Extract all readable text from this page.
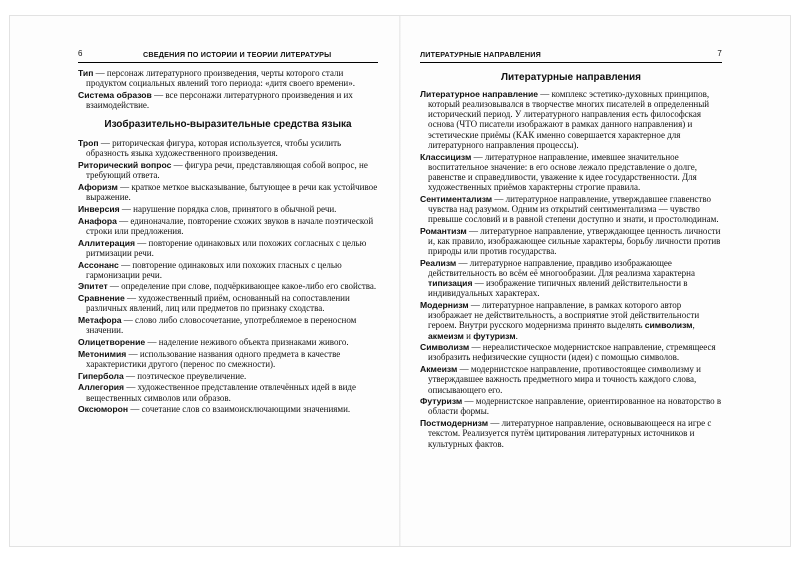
6	СВЕДЕНИЯ ПО ИСТОРИИ И ТЕОРИИ ЛИТЕРАТУРЫ
Тип — персонаж литературного произведения, черты которого стали продуктом социальных явлений того периода: «дитя своего времени».
Система образов — все персонажи литературного произведения и их взаимодействие.
Изобразительно-выразительные средства языка
Троп — риторическая фигура, которая используется, чтобы усилить образность языка художественного произведения.
Риторический вопрос — фигура речи, представляющая собой вопрос, не требующий ответа.
Афоризм — краткое меткое высказывание, бытующее в речи как устойчивое выражение.
Инверсия — нарушение порядка слов, принятого в обычной речи.
Анафора — единоначалие, повторение схожих звуков в начале поэтической строки или предложения.
Аллитерация — повторение одинаковых или похожих согласных с целью ритмизации речи.
Ассонанс — повторение одинаковых или похожих гласных с целью гармонизации речи.
Эпитет — определение при слове, подчёркивающее какое-либо его свойства.
Сравнение — художественный приём, основанный на сопоставлении различных явлений, лиц или предметов по признаку сходства.
Метафора — слово либо словосочетание, употребляемое в переносном значении.
Олицетворение — наделение неживого объекта признаками живого.
Метонимия — использование названия одного предмета в качестве характеристики другого (перенос по смежности).
Гипербола — поэтическое преувеличение.
Аллегория — художественное представление отвлечённых идей в виде вещественных символов или образов.
Оксюморон — сочетание слов со взаимоисключающими значениями.
ЛИТЕРАТУРНЫЕ НАПРАВЛЕНИЯ	7
Литературные направления
Литературное направление — комплекс эстетико-духовных принципов, который реализовывался в творчестве многих писателей в определенный исторический период. У литературного направления есть философская основа (ЧТО писатели изображают в рамках данного направления) и эстетические приёмы (КАК именно совершается характерное для литературного направления процессы).
Классицизм — литературное направление, имевшее значительное воспитательное значение: в его основе лежало представление о долге, равенстве и справедливости, уважение к идее государственности. Для художественных приёмов характерны строгие правила.
Сентиментализм — литературное направление, утверждавшее главенство чувства над разумом. Одним из открытий сентиментализма — чувство превыше сословий и в равной степени доступно и знати, и простолюдинам.
Романтизм — литературное направление, утверждающее ценность личности и, как правило, изображающее сильные характеры, борьбу личности против природы или против государства.
Реализм — литературное направление, правдиво изображающее действительность во всём её многообразии. Для реализма характерна типизация — изображение типичных явлений действительности в индивидуальных характерах.
Модернизм — литературное направление, в рамках которого автор изображает не действительность, а восприятие этой действительности героем. Внутри русского модернизма принято выделять символизм, акмеизм и футуризм.
Символизм — нереалистическое модернистское направление, стремящееся изобразить нефизические сущности (идеи) с помощью символов.
Акмеизм — модернистское направление, противостоящее символизму и утверждавшее важность предметного мира и точность каждого слова, описывающего его.
Футуризм — модернистское направление, ориентированное на новаторство в области формы.
Постмодернизм — литературное направление, основывающееся на игре с текстом. Реализуется путём цитирования литературных источников и культурных фактов.
